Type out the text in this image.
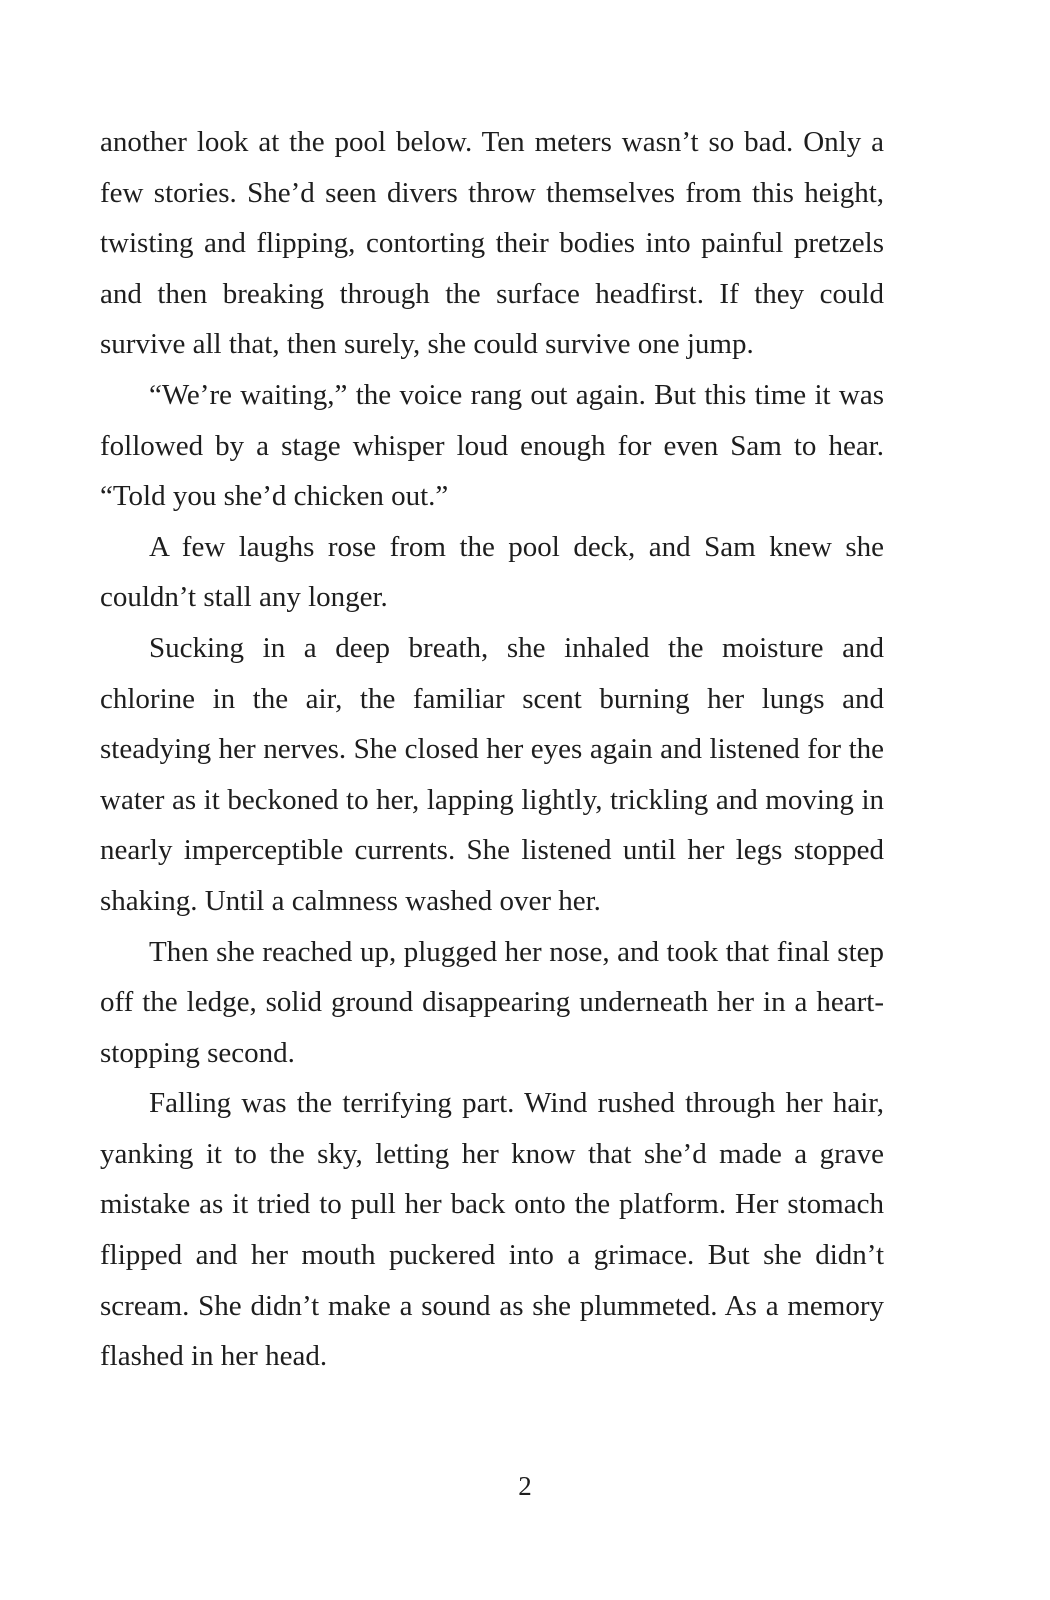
another look at the pool below. Ten meters wasn’t so bad. Only a few stories. She’d seen divers throw themselves from this height, twisting and flipping, contorting their bodies into painful pretzels and then breaking through the surface headfirst. If they could survive all that, then surely, she could survive one jump.

“We’re waiting,” the voice rang out again. But this time it was followed by a stage whisper loud enough for even Sam to hear. “Told you she’d chicken out.”

A few laughs rose from the pool deck, and Sam knew she couldn’t stall any longer.

Sucking in a deep breath, she inhaled the moisture and chlorine in the air, the familiar scent burning her lungs and steadying her nerves. She closed her eyes again and listened for the water as it beckoned to her, lapping lightly, trickling and moving in nearly imperceptible currents. She listened until her legs stopped shaking. Until a calmness washed over her.

Then she reached up, plugged her nose, and took that final step off the ledge, solid ground disappearing underneath her in a heart-stopping second.

Falling was the terrifying part. Wind rushed through her hair, yanking it to the sky, letting her know that she’d made a grave mistake as it tried to pull her back onto the platform. Her stomach flipped and her mouth puckered into a grimace. But she didn’t scream. She didn’t make a sound as she plummeted. As a memory flashed in her head.

2
